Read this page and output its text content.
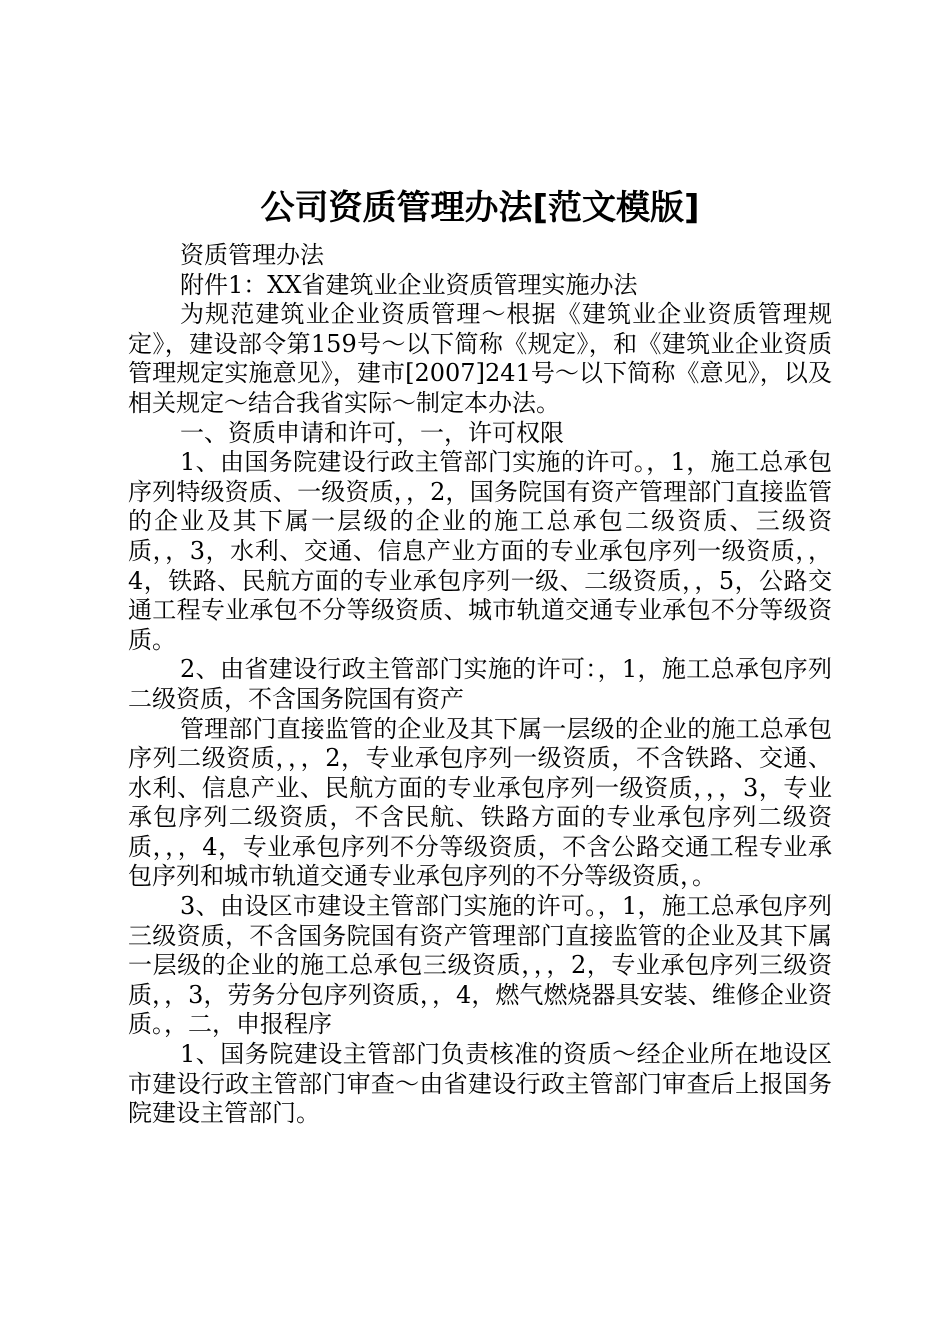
公司资质管理办法[范文模版]

资质管理办法

附件1：XX省建筑业企业资质管理实施办法

为规范建筑业企业资质管理～根据《建筑业企业资质管理规定》，建设部令第159号～以下简称《规定》，和《建筑业企业资质管理规定实施意见》，建市[2007]241号～以下简称《意见》，以及相关规定～结合我省实际～制定本办法。

一、资质申请和许可，一，许可权限

1、由国务院建设行政主管部门实施的许可。，1，施工总承包序列特级资质、一级资质，，2，国务院国有资产管理部门直接监管的企业及其下属一层级的企业的施工总承包二级资质、三级资质，，3，水利、交通、信息产业方面的专业承包序列一级资质，，4，铁路、民航方面的专业承包序列一级、二级资质，，5，公路交通工程专业承包不分等级资质、城市轨道交通专业承包不分等级资质。

2、由省建设行政主管部门实施的许可：，1，施工总承包序列二级资质，不含国务院国有资产

管理部门直接监管的企业及其下属一层级的企业的施工总承包序列二级资质，，，2，专业承包序列一级资质，不含铁路、交通、水利、信息产业、民航方面的专业承包序列一级资质，，，3，专业承包序列二级资质，不含民航、铁路方面的专业承包序列二级资质，，，4，专业承包序列不分等级资质，不含公路交通工程专业承包序列和城市轨道交通专业承包序列的不分等级资质，。

3、由设区市建设主管部门实施的许可。，1，施工总承包序列三级资质，不含国务院国有资产管理部门直接监管的企业及其下属一层级的企业的施工总承包三级资质，，，2，专业承包序列三级资质，，3，劳务分包序列资质，，4，燃气燃烧器具安装、维修企业资质。，二，申报程序

1、国务院建设主管部门负责核准的资质～经企业所在地设区市建设行政主管部门审查～由省建设行政主管部门审查后上报国务院建设主管部门。
